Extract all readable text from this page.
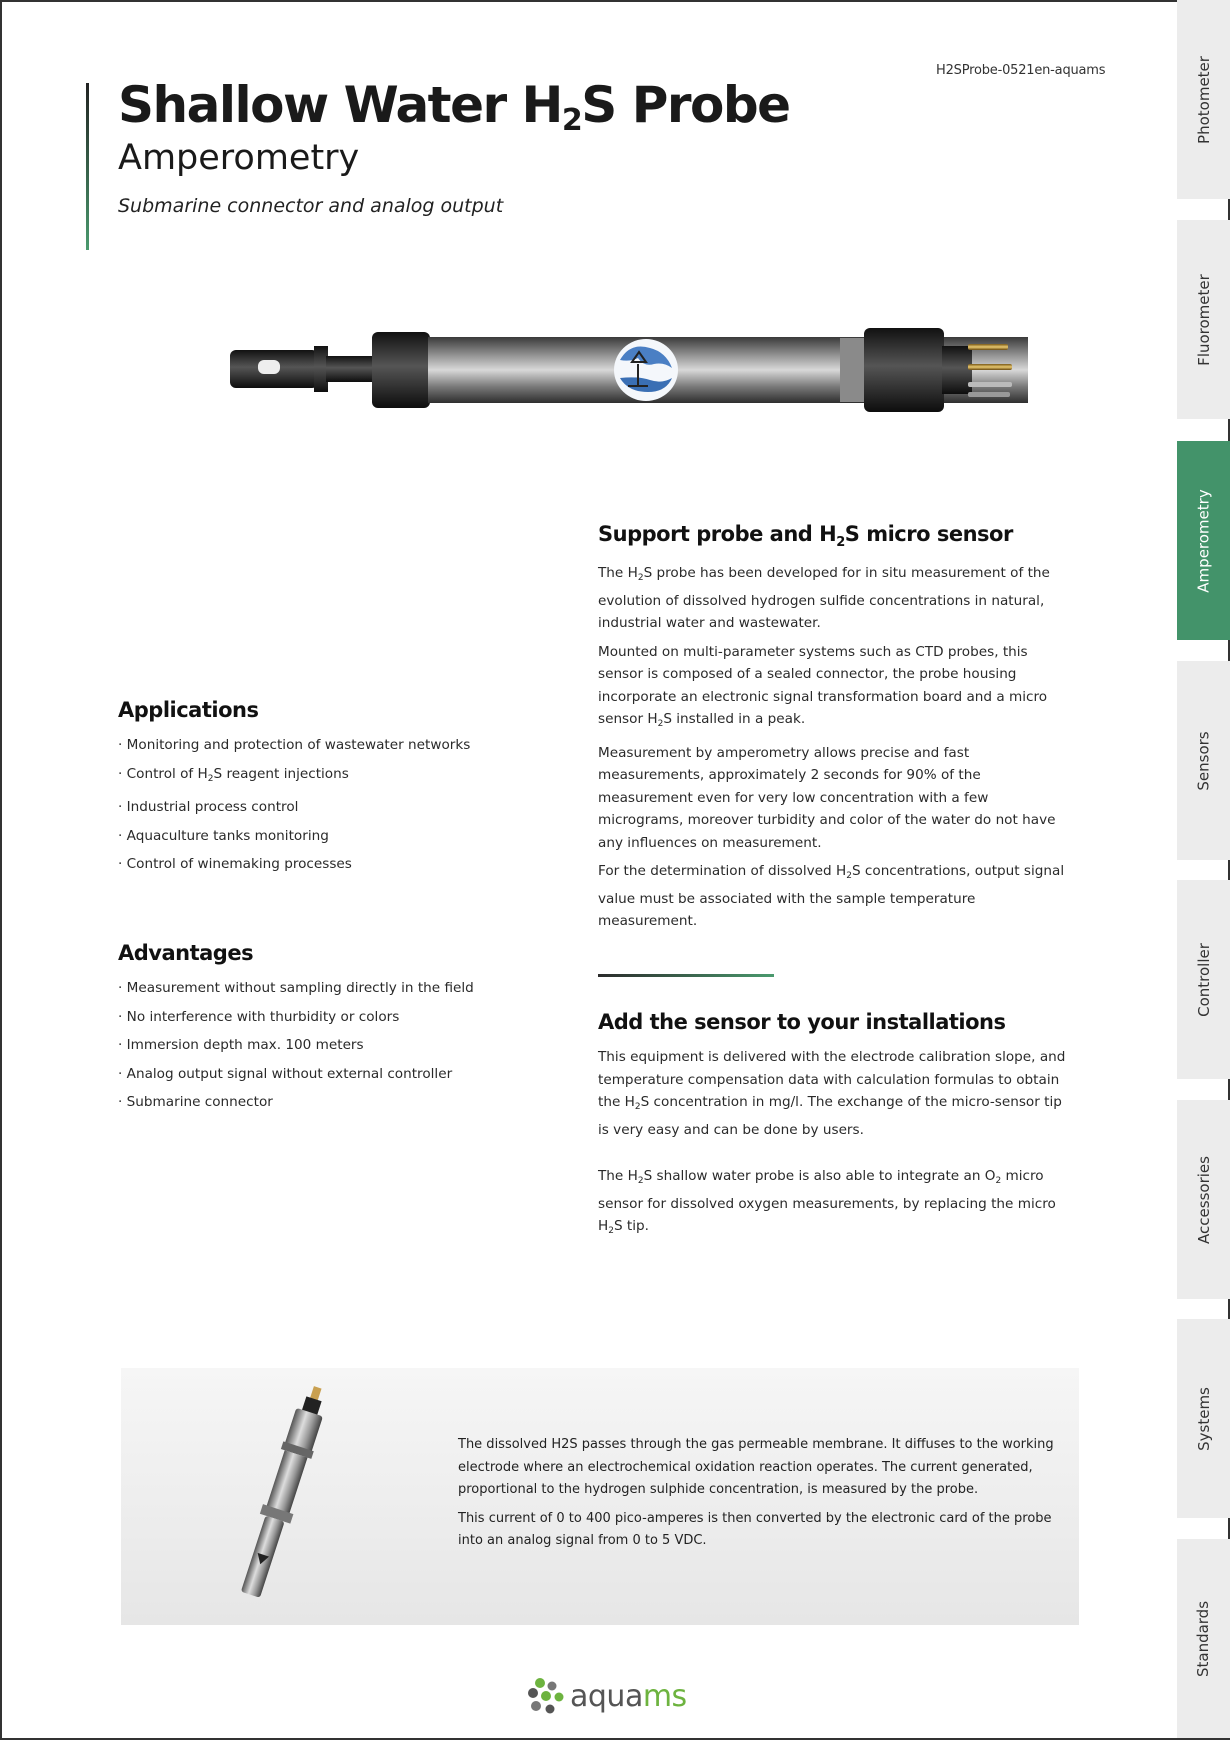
H2SProbe-0521en-aquams
Shallow Water $H_2S$ Probe
Amperometry
Submarine connector and analog output
Support probe and $H_2S$ micro sensor

The $H_2S$ probe has been developed for in situ measurement of the evolution of dissolved hydrogen sulfide concentrations in natural, industrial water and wastewater.

Mounted on multi-parameter systems such as CTD probes, this sensor is composed of a sealed connector, the probe housing incorporate an electronic signal transformation board and a micro sensor $H_2S$ installed in a peak.

Measurement by amperometry allows precise and fast measurements, approximately 2 seconds for 90% of the measurement even for very low concentration with a few micrograms, moreover turbidity and color of the water do not have any influences on measurement.

For the determination of dissolved $H_2S$ concentrations, output signal value must be associated with the sample temperature measurement.

Applications
· Monitoring and protection of wastewater networks
· Control of $H_2S$ reagent injections
· Industrial process control
· Aquaculture tanks monitoring
· Control of winemaking processes
Advantages
· Measurement without sampling directly in the field
· No interference with thurbidity or colors
· Immersion depth max. 100 meters
· Analog output signal without external controller
· Submarine connector
Add the sensor to your installations

This equipment is delivered with the electrode calibration slope, and temperature compensation data with calculation formulas to obtain the $H_2S$ concentration in mg/l. The exchange of the micro-sensor tip is very easy and can be done by users.

The $H_2S$ shallow water probe is also able to integrate an $O_2$ micro sensor for dissolved oxygen measurements, by replacing the micro $H_2S$ tip.

The dissolved H2S passes through the gas permeable membrane. It diffuses to the working electrode where an electrochemical oxidation reaction operates. The current generated, proportional to the hydrogen sulphide concentration, is measured by the probe.

This current of 0 to 400 pico-amperes is then converted by the electronic card of the probe into an analog signal from 0 to 5 VDC.

aquams
Photometer
Fluorometer
Amperometry
Sensors
Controller
Accessories
Systems
Standards
